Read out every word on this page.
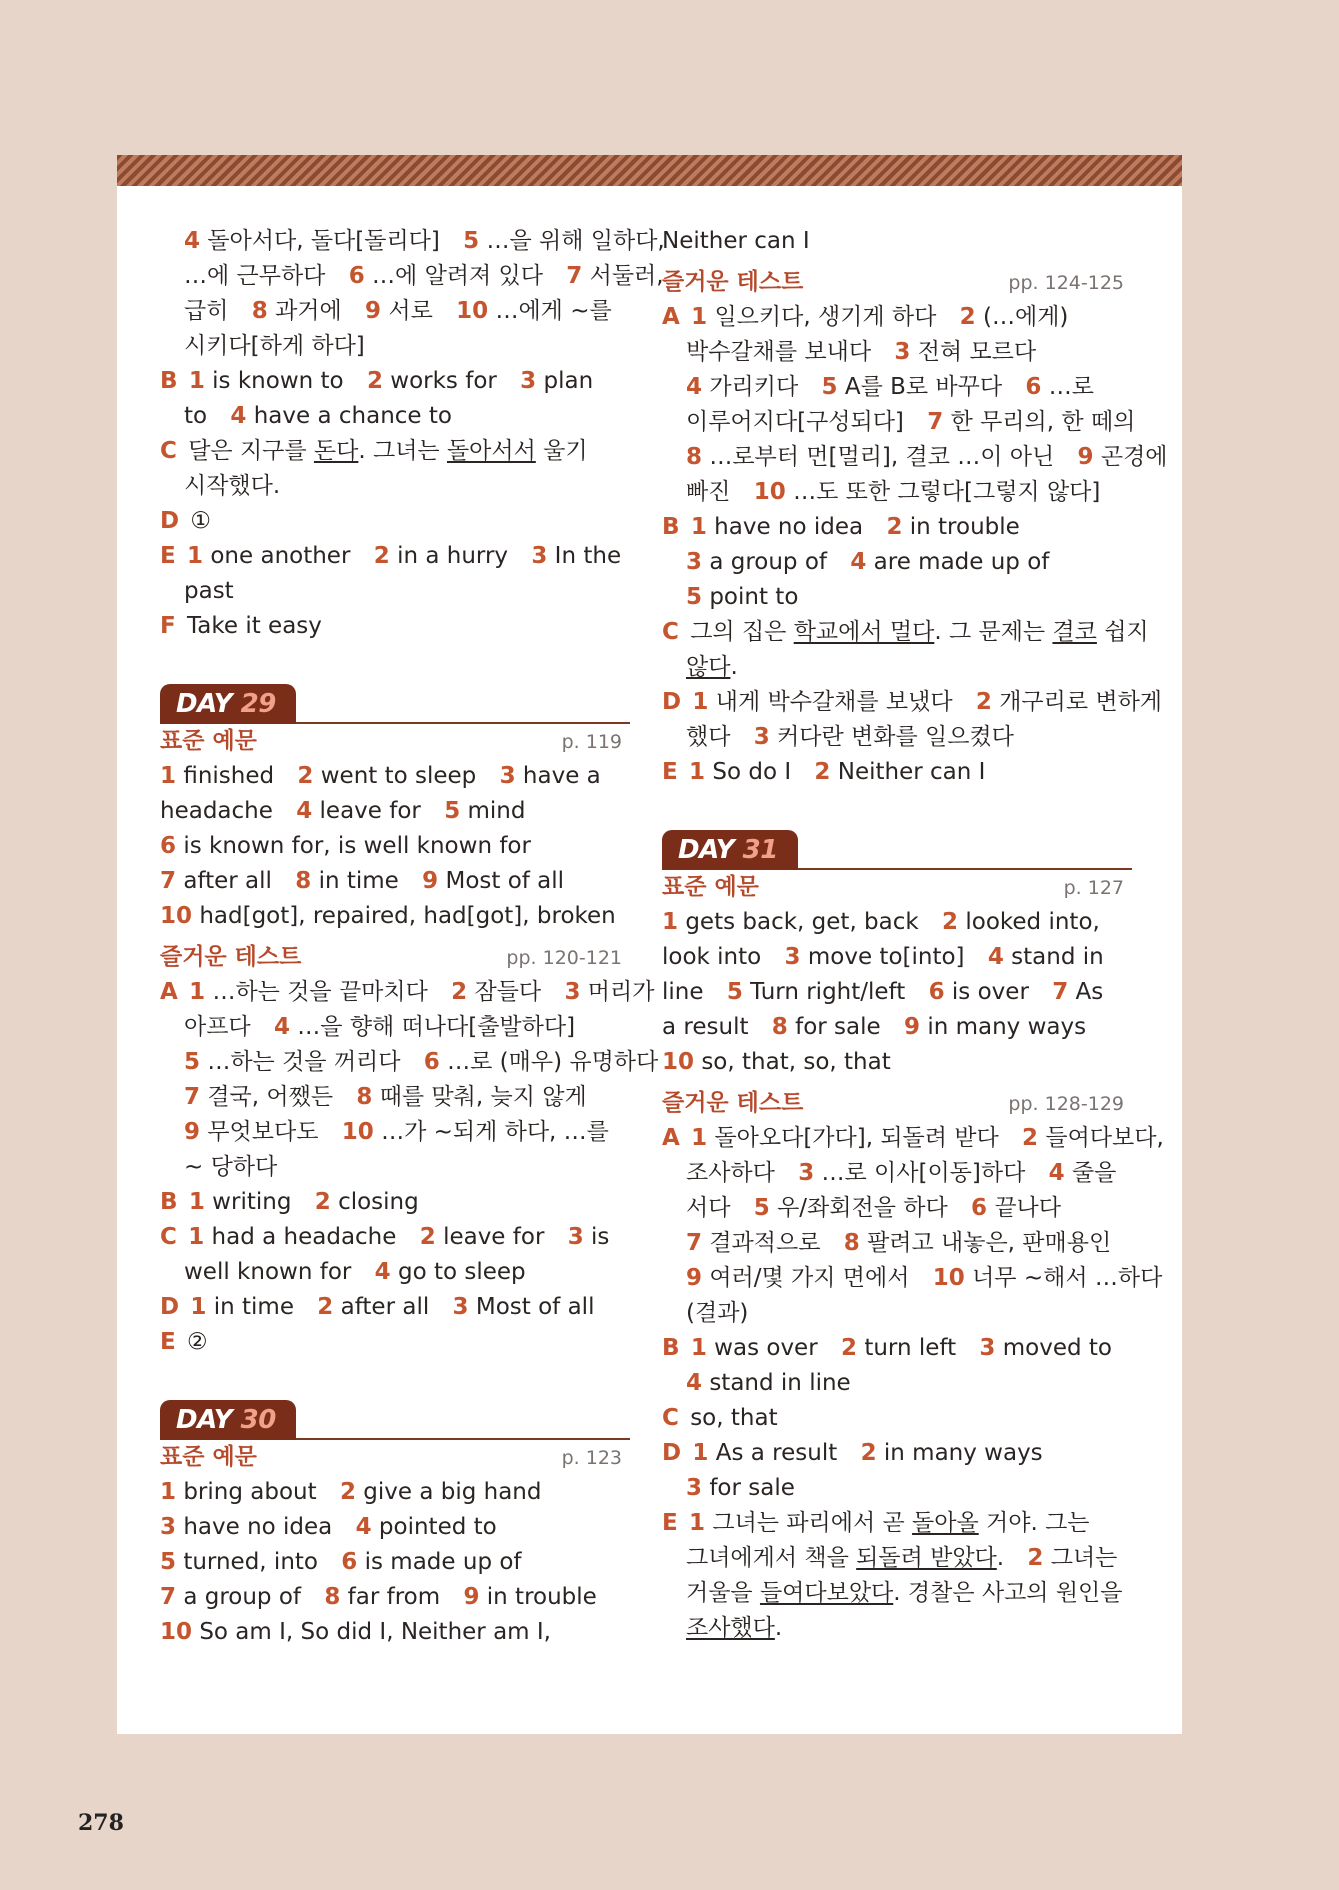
4 돌아서다, 돌다[돌리다] 5 …을 위해 일하다,
…에 근무하다 6 …에 알려져 있다 7 서둘러,
급히 8 과거에 9 서로 10 …에게 ~를
시키다[하게 하다]
B 1 is known to 2 works for 3 plan
to 4 have a chance to
C 달은 지구를 돈다. 그녀는 돌아서서 울기
시작했다.
D ①
E 1 one another 2 in a hurry 3 In the
past
F Take it easy
DAY 29
표준 예문	p. 119
1 finished 2 went to sleep 3 have a
headache 4 leave for 5 mind
6 is known for, is well known for
7 after all 8 in time 9 Most of all
10 had[got], repaired, had[got], broken
즐거운 테스트	pp. 120-121
A 1 …하는 것을 끝마치다 2 잠들다 3 머리가
아프다 4 …을 향해 떠나다[출발하다]
5 …하는 것을 꺼리다 6 …로 (매우) 유명하다
7 결국, 어쨌든 8 때를 맞춰, 늦지 않게
9 무엇보다도 10 …가 ~되게 하다, …를
~ 당하다
B 1 writing 2 closing
C 1 had a headache 2 leave for 3 is
well known for 4 go to sleep
D 1 in time 2 after all 3 Most of all
E ②
DAY 30
표준 예문	p. 123
1 bring about 2 give a big hand
3 have no idea 4 pointed to
5 turned, into 6 is made up of
7 a group of 8 far from 9 in trouble
10 So am I, So did I, Neither am I,
Neither can I
즐거운 테스트	pp. 124-125
A 1 일으키다, 생기게 하다 2 (…에게)
박수갈채를 보내다 3 전혀 모르다
4 가리키다 5 A를 B로 바꾸다 6 …로
이루어지다[구성되다] 7 한 무리의, 한 떼의
8 …로부터 먼[멀리], 결코 …이 아닌 9 곤경에
빠진 10 …도 또한 그렇다[그렇지 않다]
B 1 have no idea 2 in trouble
3 a group of 4 are made up of
5 point to
C 그의 집은 학교에서 멀다. 그 문제는 결코 쉽지
않다.
D 1 내게 박수갈채를 보냈다 2 개구리로 변하게
했다 3 커다란 변화를 일으켰다
E 1 So do I 2 Neither can I
DAY 31
표준 예문	p. 127
1 gets back, get, back 2 looked into,
look into 3 move to[into] 4 stand in
line 5 Turn right/left 6 is over 7 As
a result 8 for sale 9 in many ways
10 so, that, so, that
즐거운 테스트	pp. 128-129
A 1 돌아오다[가다], 되돌려 받다 2 들여다보다,
조사하다 3 …로 이사[이동]하다 4 줄을
서다 5 우/좌회전을 하다 6 끝나다
7 결과적으로 8 팔려고 내놓은, 판매용인
9 여러/몇 가지 면에서 10 너무 ~해서 …하다
(결과)
B 1 was over 2 turn left 3 moved to
4 stand in line
C so, that
D 1 As a result 2 in many ways
3 for sale
E 1 그녀는 파리에서 곧 돌아올 거야. 그는
그녀에게서 책을 되돌려 받았다. 2 그녀는
거울을 들여다보았다. 경찰은 사고의 원인을
조사했다.
278
